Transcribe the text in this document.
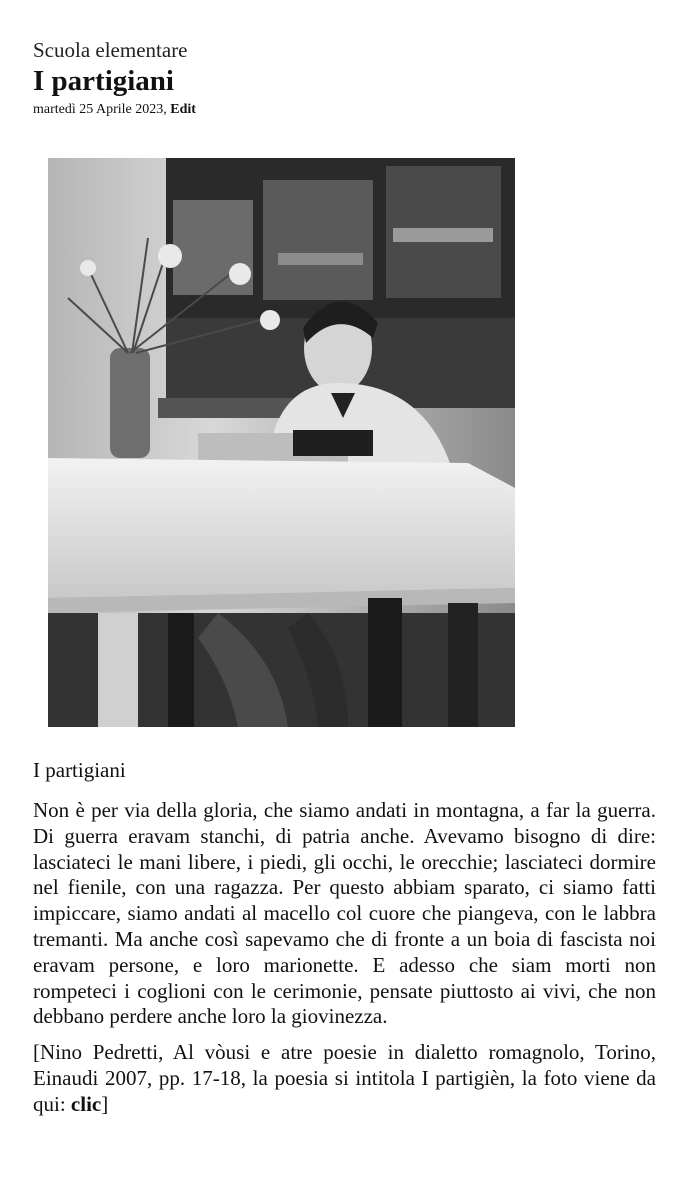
Scuola elementare
I partigiani
martedì 25 Aprile 2023, Edit
I partigiani

Non è per via della gloria, che siamo andati in montagna, a far la guerra. Di guerra eravam stanchi, di patria anche. Avevamo bisogno di dire: lasciateci le mani libere, i piedi, gli occhi, le orecchie; lasciateci dormire nel fienile, con una ragazza. Per questo abbiam sparato, ci siamo fatti impiccare, siamo andati al macello col cuore che piangeva, con le labbra tremanti. Ma anche così sapevamo che di fronte a un boia di fascista noi eravam persone, e loro marionette. E adesso che siam morti non rompeteci i coglioni con le cerimonie, pensate piuttosto ai vivi, che non debbano perdere anche loro la giovinezza.

[Nino Pedretti, Al vòusi e atre poesie in dialetto romagnolo, Torino, Einaudi 2007, pp. 17-18, la poesia si intitola I partigièn, la foto viene da qui: clic]
